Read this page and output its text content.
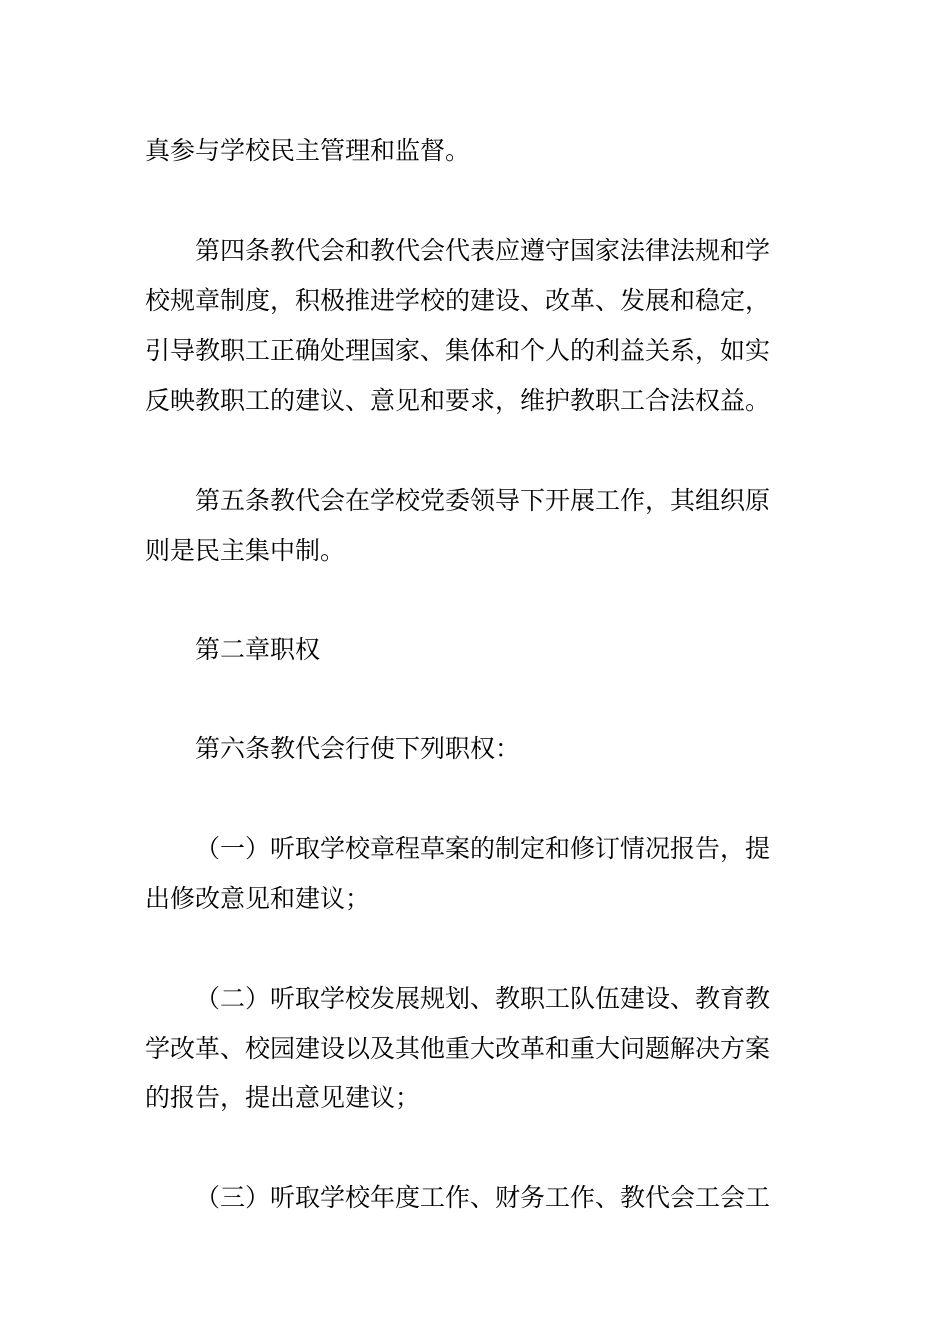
真参与学校民主管理和监督。
第四条教代会和教代会代表应遵守国家法律法规和学
校规章制度，积极推进学校的建设、改革、发展和稳定，
引导教职工正确处理国家、集体和个人的利益关系，如实
反映教职工的建议、意见和要求，维护教职工合法权益。
第五条教代会在学校党委领导下开展工作，其组织原
则是民主集中制。
第二章职权
第六条教代会行使下列职权：
（一）听取学校章程草案的制定和修订情况报告，提
出修改意见和建议；
（二）听取学校发展规划、教职工队伍建设、教育教
学改革、校园建设以及其他重大改革和重大问题解决方案
的报告，提出意见建议；
（三）听取学校年度工作、财务工作、教代会工会工
